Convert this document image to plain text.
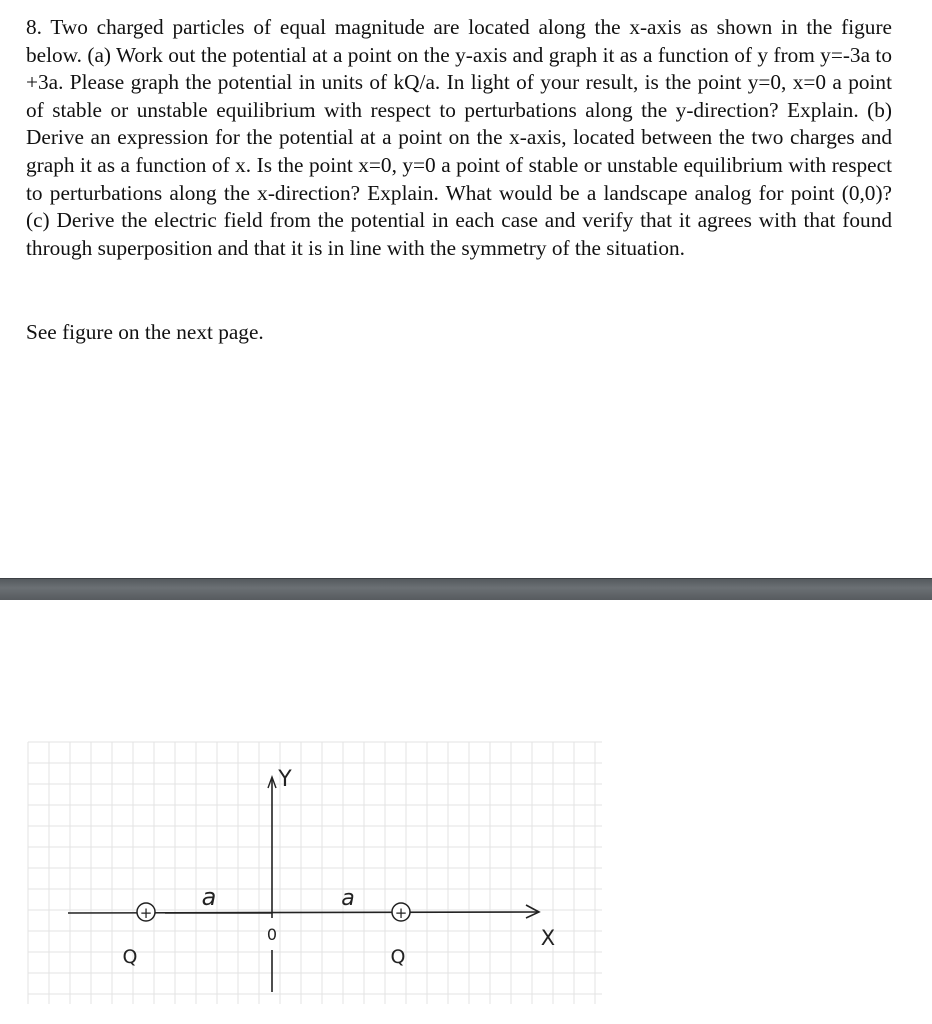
8. Two charged particles of equal magnitude are located along the x-axis as shown in the figure below. (a) Work out the potential at a point on the y-axis and graph it as a function of y from y=-3a to +3a. Please graph the potential in units of kQ/a. In light of your result, is the point y=0, x=0 a point of stable or unstable equilibrium with respect to perturbations along the y-direction? Explain. (b) Derive an expression for the potential at a point on the x-axis, located between the two charges and graph it as a function of x. Is the point x=0, y=0 a point of stable or unstable equilibrium with respect to perturbations along the x-direction? Explain. What would be a landscape analog for point (0,0)? (c) Derive the electric field from the potential in each case and verify that it agrees with that found through superposition and that it is in line with the symmetry of the situation.

See figure on the next page.

+	+
Y
X
0
a	a
Q	Q
